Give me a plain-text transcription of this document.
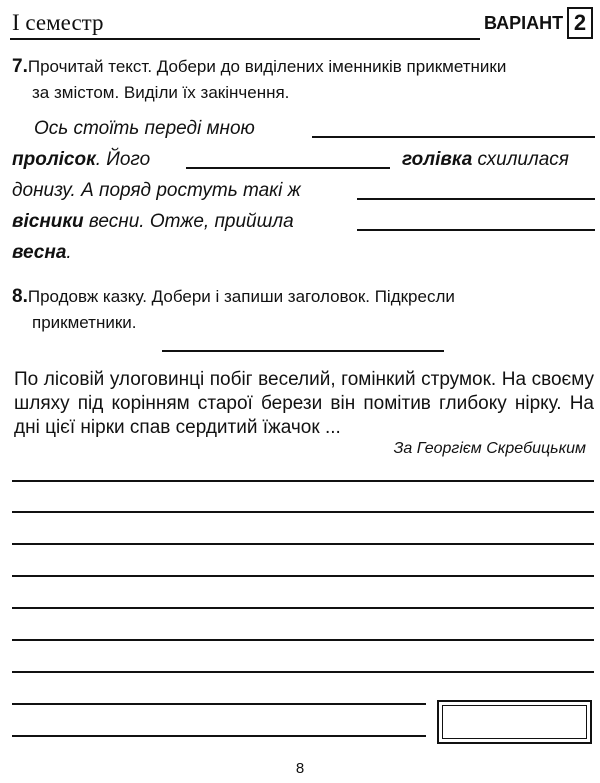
І семестр	ВАРІАНТ 2
7.Прочитай текст. Добери до виділених іменників прикметники
за змістом. Виділи їх закінчення.
Ось стоїть переді мною
пролісок. Його	голівка схилилася
донизу. А поряд ростуть такі ж
вісники весни. Отже, прийшла
весна.
8.Продовж казку. Добери і запиши заголовок. Підкресли
прикметники.
По лісовій улоговинці побіг веселий, гомінкий струмок. На своєму шляху під корінням старої берези він помітив глибоку нірку. На дні цієї нірки спав сердитий їжачок ...
За Георгієм Скребицьким
8
